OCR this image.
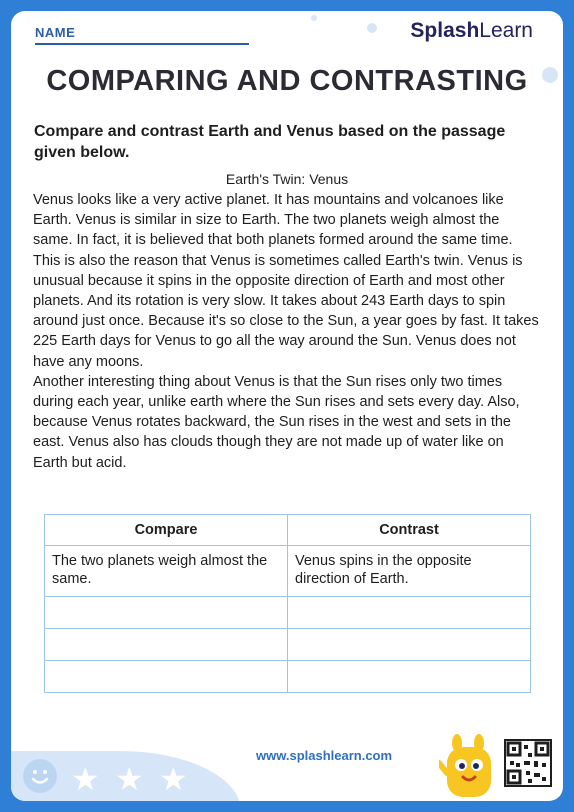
NAME	SplashLearn
COMPARING AND CONTRASTING
Compare and contrast Earth and Venus based on the passage given below.
Earth's Twin: Venus

Venus looks like a very active planet. It has mountains and volcanoes like Earth. Venus is similar in size to Earth. The two planets weigh almost the same. In fact, it is believed that both planets formed around the same time. This is also the reason that Venus is sometimes called Earth's twin. Venus is unusual because it spins in the opposite direction of Earth and most other planets. And its rotation is very slow. It takes about 243 Earth days to spin around just once. Because it's so close to the Sun, a year goes by fast. It takes 225 Earth days for Venus to go all the way around the Sun. Venus does not have any moons.

Another interesting thing about Venus is that the Sun rises only two times during each year, unlike earth where the Sun rises and sets every day. Also, because Venus rotates backward, the Sun rises in the west and sets in the east. Venus also has clouds though they are not made up of water like on Earth but acid.

Compare	Contrast
The two planets weigh almost the same.	Venus spins in the opposite direction of Earth.

★ ★ ★
www.splashlearn.com
